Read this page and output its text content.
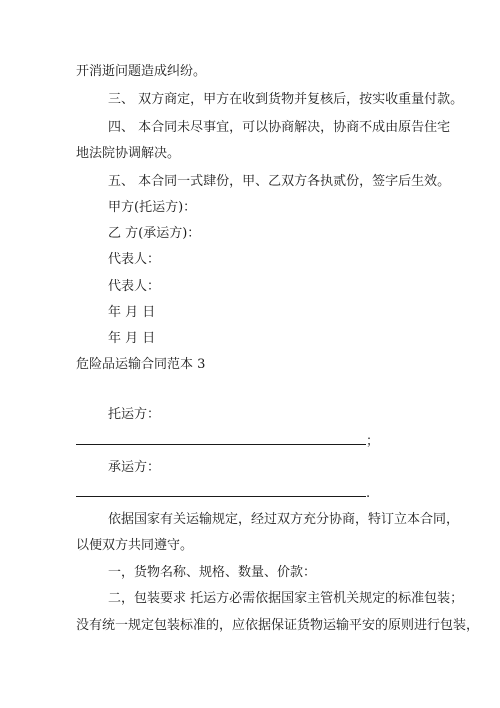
开消逝问题造成纠纷。
三、 双方商定，甲方在收到货物并复核后，按实收重量付款。
四、 本合同未尽事宜，可以协商解决，协商不成由原告住宅
地法院协调解决。
五、 本合同一式肆份，甲、乙双方各执贰份，签字后生效。
甲方(托运方)：
乙 方(承运方)：
代表人：
代表人：
年 月 日
年 月 日
危险品运输合同范本 3
托运方：
；
承运方：
.
依据国家有关运输规定，经过双方充分协商，特订立本合同，
以便双方共同遵守。
一，货物名称、规格、数量、价款：
二，包装要求 托运方必需依据国家主管机关规定的标准包装；
没有统一规定包装标准的，应依据保证货物运输平安的原则进行包装，
